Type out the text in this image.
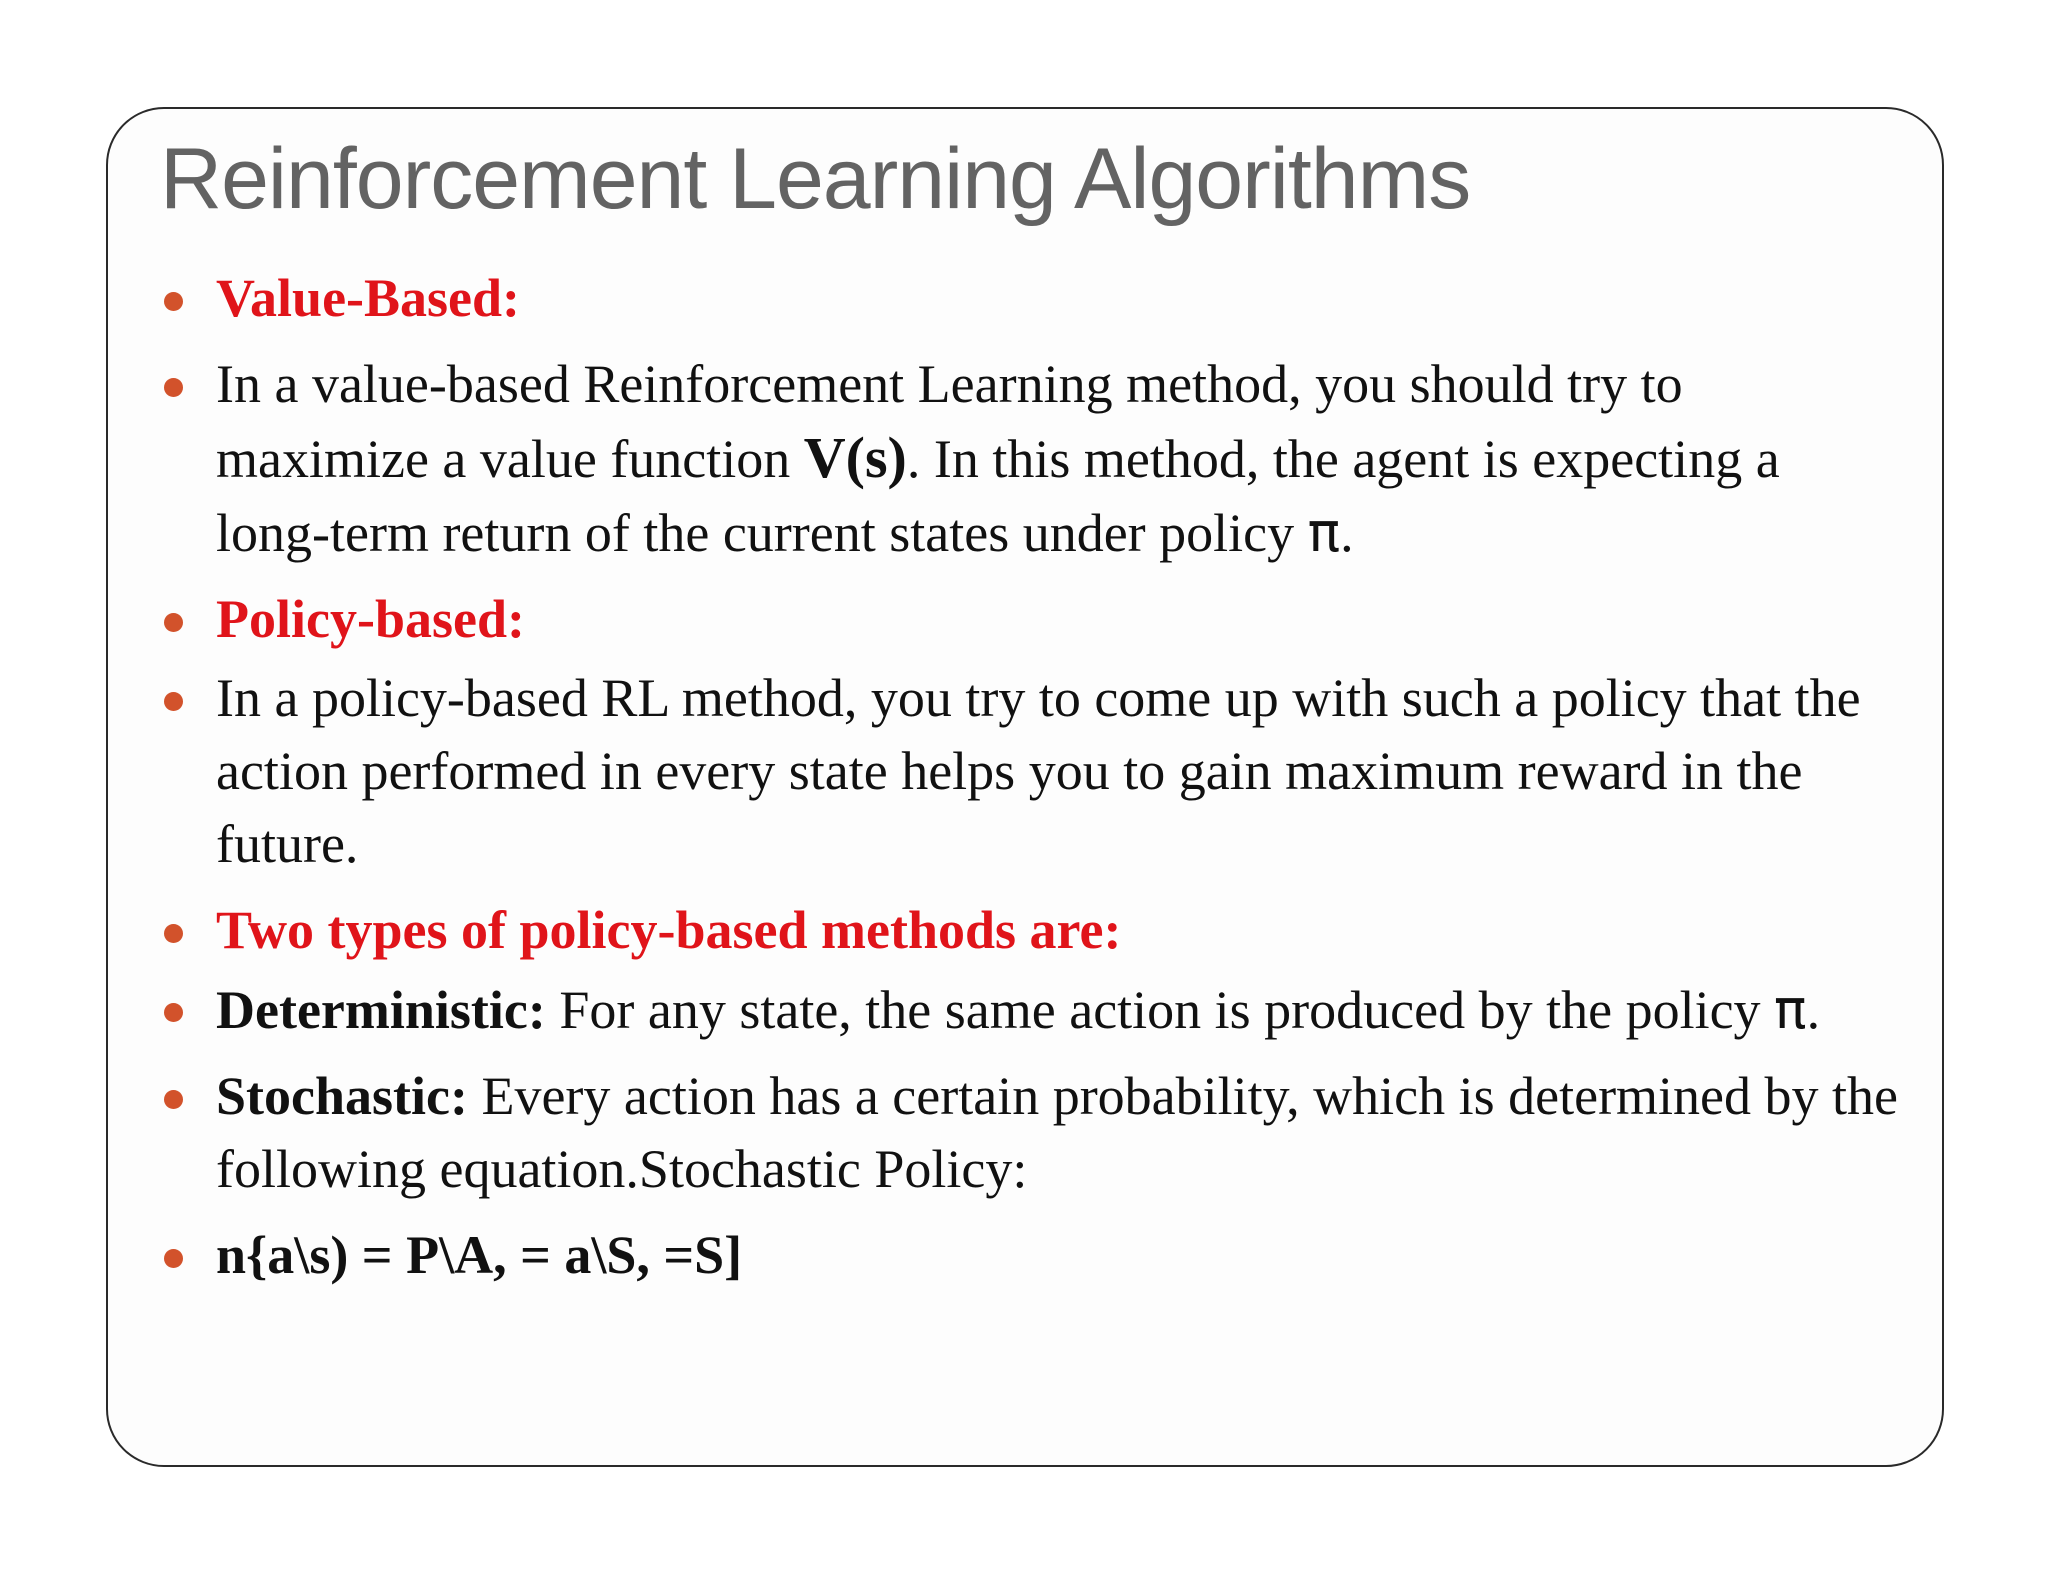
Reinforcement Learning Algorithms
Value-Based:
In a value-based Reinforcement Learning method, you should try to maximize a value function V(s). In this method, the agent is expecting a long-term return of the current states under policy π.
Policy-based:
In a policy-based RL method, you try to come up with such a policy that the action performed in every state helps you to gain maximum reward in the future.
Two types of policy-based methods are:
Deterministic: For any state, the same action is produced by the policy π.
Stochastic: Every action has a certain probability, which is determined by the following equation.Stochastic Policy:
n{a\s) = P\A, = a\S, =S]
